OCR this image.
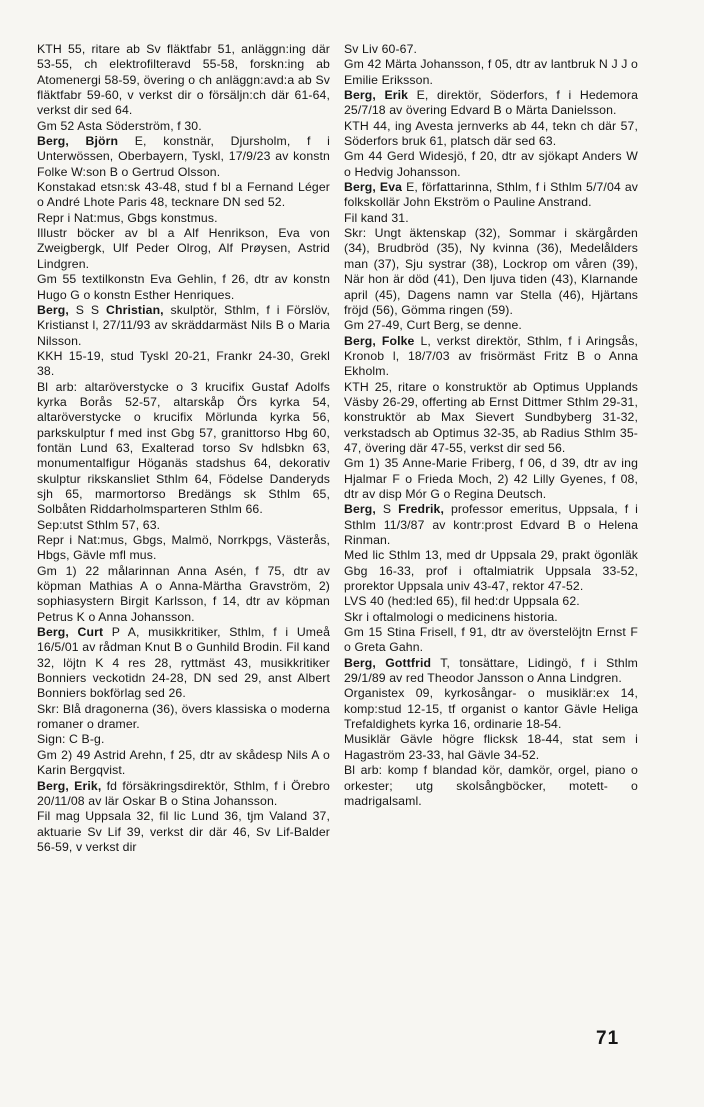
KTH 55, ritare ab Sv fläktfabr 51, anläggn:ing där 53-55, ch elektrofilteravd 55-58, forskn:ing ab Atomenergi 58-59, övering o ch anläggn:avd:a ab Sv fläktfabr 59-60, v verkst dir o försäljn:ch där 61-64, verkst dir sed 64.

Gm 52 Asta Söderström, f 30.

Berg, Björn E, konstnär, Djursholm, f i Unterwössen, Oberbayern, Tyskl, 17/9/23 av konstn Folke W:son B o Gertrud Olsson.

Konstakad etsn:sk 43-48, stud f bl a Fernand Léger o André Lhote Paris 48, tecknare DN sed 52.

Repr i Nat:mus, Gbgs konstmus.

Illustr böcker av bl a Alf Henrikson, Eva von Zweigbergk, Ulf Peder Olrog, Alf Prøysen, Astrid Lindgren.

Gm 55 textilkonstn Eva Gehlin, f 26, dtr av konstn Hugo G o konstn Esther Henriques.

Berg, S S Christian, skulptör, Sthlm, f i Förslöv, Kristianst l, 27/11/93 av skräddarmäst Nils B o Maria Nilsson.

KKH 15-19, stud Tyskl 20-21, Frankr 24-30, Grekl 38.

Bl arb: altaröverstycke o 3 krucifix Gustaf Adolfs kyrka Borås 52-57, altarskåp Örs kyrka 54, altaröverstycke o krucifix Mörlunda kyrka 56, parkskulptur f med inst Gbg 57, granittorso Hbg 60, fontän Lund 63, Exalterad torso Sv hdlsbkn 63, monumentalfigur Höganäs stadshus 64, dekorativ skulptur rikskansliet Sthlm 64, Födelse Danderyds sjh 65, marmortorso Bredängs sk Sthlm 65, Solbåten Riddarholmsparteren Sthlm 66.

Sep:utst Sthlm 57, 63.

Repr i Nat:mus, Gbgs, Malmö, Norrkpgs, Västerås, Hbgs, Gävle mfl mus.

Gm 1) 22 målarinnan Anna Asén, f 75, dtr av köpman Mathias A o Anna-Märtha Gravström, 2) sophiasystern Birgit Karlsson, f 14, dtr av köpman Petrus K o Anna Johansson.

Berg, Curt P A, musikkritiker, Sthlm, f i Umeå 16/5/01 av rådman Knut B o Gunhild Brodin. Fil kand 32, löjtn K 4 res 28, ryttmäst 43, musikkritiker Bonniers veckotidn 24-28, DN sed 29, anst Albert Bonniers bokförlag sed 26.

Skr: Blå dragonerna (36), övers klassiska o moderna romaner o dramer.

Sign: C B-g.

Gm 2) 49 Astrid Arehn, f 25, dtr av skådesp Nils A o Karin Bergqvist.

Berg, Erik, fd försäkringsdirektör, Sthlm, f i Örebro 20/11/08 av lär Oskar B o Stina Johansson.

Fil mag Uppsala 32, fil lic Lund 36, tjm Valand 37, aktuarie Sv Lif 39, verkst dir där 46, Sv Lif-Balder 56-59, v verkst dir

Sv Liv 60-67.

Gm 42 Märta Johansson, f 05, dtr av lantbruk N J J o Emilie Eriksson.

Berg, Erik E, direktör, Söderfors, f i Hedemora 25/7/18 av övering Edvard B o Märta Danielsson.

KTH 44, ing Avesta jernverks ab 44, tekn ch där 57, Söderfors bruk 61, platsch där sed 63.

Gm 44 Gerd Widesjö, f 20, dtr av sjökapt Anders W o Hedvig Johansson.

Berg, Eva E, författarinna, Sthlm, f i Sthlm 5/7/04 av folkskollär John Ekström o Pauline Anstrand.

Fil kand 31.

Skr: Ungt äktenskap (32), Sommar i skärgården (34), Brudbröd (35), Ny kvinna (36), Medelålders man (37), Sju systrar (38), Lockrop om våren (39), När hon är död (41), Den ljuva tiden (43), Klarnande april (45), Dagens namn var Stella (46), Hjärtans fröjd (56), Gömma ringen (59).

Gm 27-49, Curt Berg, se denne.

Berg, Folke L, verkst direktör, Sthlm, f i Aringsås, Kronob l, 18/7/03 av frisörmäst Fritz B o Anna Ekholm.

KTH 25, ritare o konstruktör ab Optimus Upplands Väsby 26-29, offerting ab Ernst Dittmer Sthlm 29-31, konstruktör ab Max Sievert Sundbyberg 31-32, verkstadsch ab Optimus 32-35, ab Radius Sthlm 35-47, övering där 47-55, verkst dir sed 56.

Gm 1) 35 Anne-Marie Friberg, f 06, d 39, dtr av ing Hjalmar F o Frieda Moch, 2) 42 Lilly Gyenes, f 08, dtr av disp Mór G o Regina Deutsch.

Berg, S Fredrik, professor emeritus, Uppsala, f i Sthlm 11/3/87 av kontr:prost Edvard B o Helena Rinman.

Med lic Sthlm 13, med dr Uppsala 29, prakt ögonläk Gbg 16-33, prof i oftalmiatrik Uppsala 33-52, prorektor Uppsala univ 43-47, rektor 47-52.

LVS 40 (hed:led 65), fil hed:dr Uppsala 62.

Skr i oftalmologi o medicinens historia.

Gm 15 Stina Frisell, f 91, dtr av överstelöjtn Ernst F o Greta Gahn.

Berg, Gottfrid T, tonsättare, Lidingö, f i Sthlm 29/1/89 av red Theodor Jansson o Anna Lindgren.

Organistex 09, kyrkosångar- o musiklär:ex 14, komp:stud 12-15, tf organist o kantor Gävle Heliga Trefaldighets kyrka 16, ordinarie 18-54.

Musiklär Gävle högre flicksk 18-44, stat sem i Hagaström 23-33, hal Gävle 34-52.

Bl arb: komp f blandad kör, damkör, orgel, piano o orkester; utg skolsångböcker, motett- o madrigalsaml.

71
